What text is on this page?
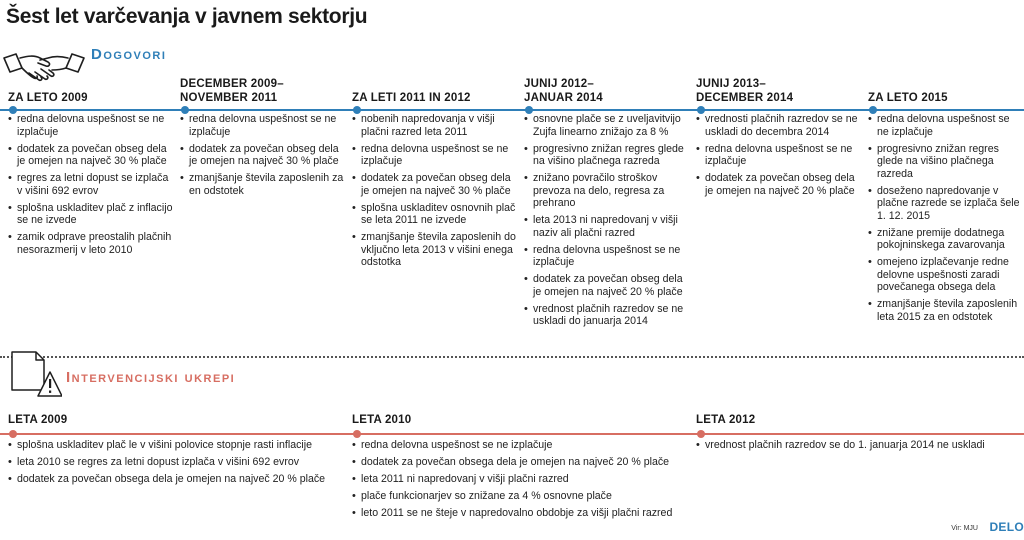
Šest let varčevanja v javnem sektorju
Dogovori
ZA LETO 2009
• redna delovna uspešnost se ne izplačuje
• dodatek za povečan obseg dela je omejen na največ 30 % plače
• regres za letni dopust se izplača v višini 692 evrov
• splošna uskladitev plač z inflacijo se ne izvede
• zamik odprave preostalih plačnih nesorazmerij v leto 2010
DECEMBER 2009–
NOVEMBER 2011
• redna delovna uspešnost se ne izplačuje
• dodatek za povečan obseg dela je omejen na največ 30 % plače
• zmanjšanje števila zaposlenih za en odstotek
ZA LETI 2011 IN 2012
• nobenih napredovanja v višji plačni razred leta 2011
• redna delovna uspešnost se ne izplačuje
• dodatek za povečan obseg dela je omejen na največ 30 % plače
• splošna uskladitev osnovnih plač se leta 2011 ne izvede
• zmanjšanje števila zaposlenih do vključno leta 2013 v višini enega odstotka
JUNIJ 2012–
JANUAR 2014
• osnovne plače se z uveljavitvijo Zujfa linearno znižajo za 8 %
• progresivno znižan regres glede na višino plačnega razreda
• znižano povračilo stroškov prevoza na delo, regresa za prehrano
• leta 2013 ni napredovanj v višji naziv ali plačni razred
• redna delovna uspešnost se ne izplačuje
• dodatek za povečan obseg dela je omejen na največ 20 % plače
• vrednost plačnih razredov se ne uskladi do januarja 2014
JUNIJ 2013–
DECEMBER 2014
• vrednosti plačnih razredov se ne uskladi do decembra 2014
• redna delovna uspešnost se ne izplačuje
• dodatek za povečan obseg dela je omejen na največ 20 % plače
ZA LETO 2015
• redna delovna uspešnost se ne izplačuje
• progresivno znižan regres glede na višino plačnega razreda
• doseženo napredovanje v plačne razrede se izplača šele 1. 12. 2015
• znižane premije dodatnega pokojninskega zavarovanja
• omejeno izplačevanje redne delovne uspešnosti zaradi povečanega obsega dela
• zmanjšanje števila zaposlenih leta 2015 za en odstotek
Intervencijski ukrepi
LETA 2009
• splošna uskladitev plač le v višini polovice stopnje rasti inflacije
• leta 2010 se regres za letni dopust izplača v višini 692 evrov
• dodatek za povečan obsega dela je omejen na največ 20 % plače
LETA 2010
• redna delovna uspešnost se ne izplačuje
• dodatek za povečan obsega dela je omejen na največ 20 % plače
• leta 2011 ni napredovanj v višji plačni razred
• plače funkcionarjev so znižane za 4 % osnovne plače
• leto 2011 se ne šteje v napredovalno obdobje za višji plačni razred
LETA 2012
• vrednost plačnih razredov se do 1. januarja 2014 ne uskladi
Vir: MJU DELO
